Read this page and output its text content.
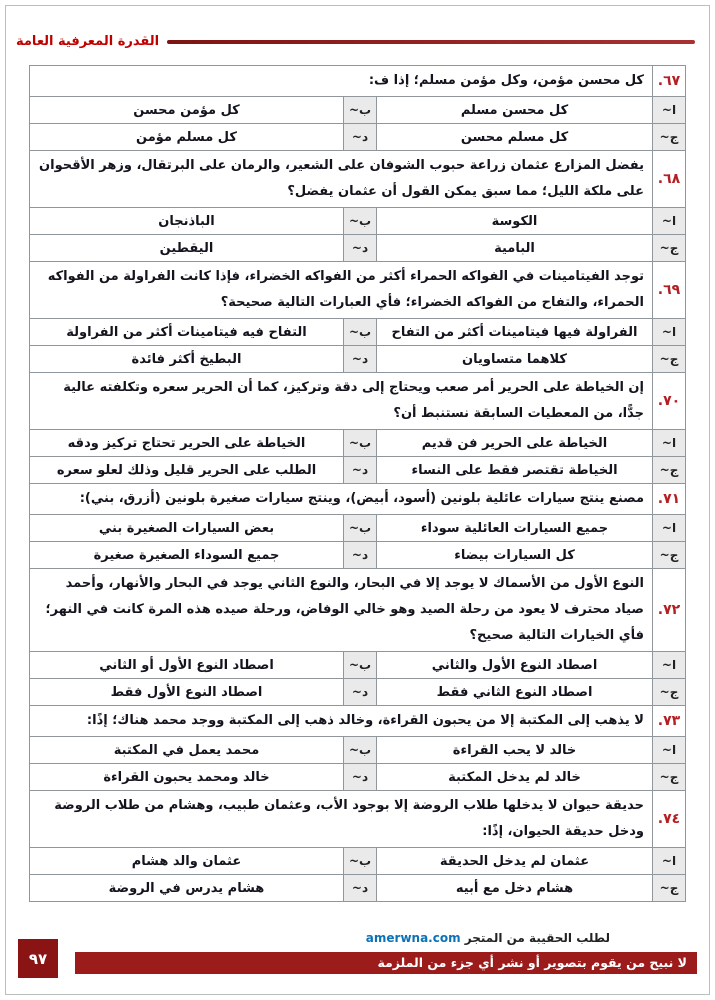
القدرة المعرفية العامة
٦٧.	كل محسن مؤمن، وكل مؤمن مسلم؛ إذا ف:		
ا~	كل محسن مسلم	ب~	كل مؤمن محسن
ج~	كل مسلم محسن	د~	كل مسلم مؤمن
٦٨.	يفضل المزارع عثمان زراعة حبوب الشوفان على الشعير، والرمان على البرتقال، وزهر الأقحوان على ملكة الليل؛ مما سبق يمكن القول أن عثمان يفضل؟		
ا~	الكوسة	ب~	الباذنجان
ج~	البامية	د~	اليقطين
٦٩.	توجد الفيتامينات في الفواكه الحمراء أكثر من الفواكه الخضراء، فإذا كانت الفراولة من الفواكه الحمراء، والتفاح من الفواكه الخضراء؛ فأي العبارات التالية صحيحة؟		
ا~	الفراولة فيها فيتامينات أكثر من التفاح	ب~	التفاح فيه فيتامينات أكثر من الفراولة
ج~	كلاهما متساويان	د~	البطيخ أكثر فائدة
٧٠.	إن الخياطة على الحرير أمر صعب ويحتاج إلى دقة وتركيز، كما أن الحرير سعره وتكلفته عالية جدًّا، من المعطيات السابقة نستنبط أن؟		
ا~	الخياطة على الحرير فن قديم	ب~	الخياطة على الحرير تحتاج تركيز ودقه
ج~	الخياطة تقتصر فقط على النساء	د~	الطلب على الحرير قليل وذلك لعلو سعره
٧١.	مصنع ينتج سيارات عائلية بلونين (أسود، أبيض)، وينتج سيارات صغيرة بلونين (أزرق، بني):		
ا~	جميع السيارات العائلية سوداء	ب~	بعض السيارات الصغيرة بني
ج~	كل السيارات بيضاء	د~	جميع السوداء الصغيرة صغيرة
٧٢.	النوع الأول من الأسماك لا يوجد إلا في البحار، والنوع الثاني يوجد في البحار والأنهار، وأحمد صياد محترف لا يعود من رحلة الصيد وهو خالي الوفاض، ورحلة صيده هذه المرة كانت في النهر؛ فأي الخيارات التالية صحيح؟		
ا~	اصطاد النوع الأول والثاني	ب~	اصطاد النوع الأول أو الثاني
ج~	اصطاد النوع الثاني فقط	د~	اصطاد النوع الأول فقط
٧٣.	لا يذهب إلى المكتبة إلا من يحبون القراءة، وخالد ذهب إلى المكتبة ووجد محمد هناك؛ إذًا:		
ا~	خالد لا يحب القراءة	ب~	محمد يعمل في المكتبة
ج~	خالد لم يدخل المكتبة	د~	خالد ومحمد يحبون القراءة
٧٤.	حديقة حيوان لا يدخلها طلاب الروضة إلا بوجود الأب، وعثمان طبيب، وهشام من طلاب الروضة ودخل حديقة الحيوان، إذًا:		
ا~	عثمان لم يدخل الحديقة	ب~	عثمان والد هشام
ج~	هشام دخل مع أبيه	د~	هشام يدرس في الروضة
لطلب الحقيبة من المتجر amerwna.com
لا نبيح من يقوم بتصوير أو نشر أي جزء من الملزمة
٩٧
